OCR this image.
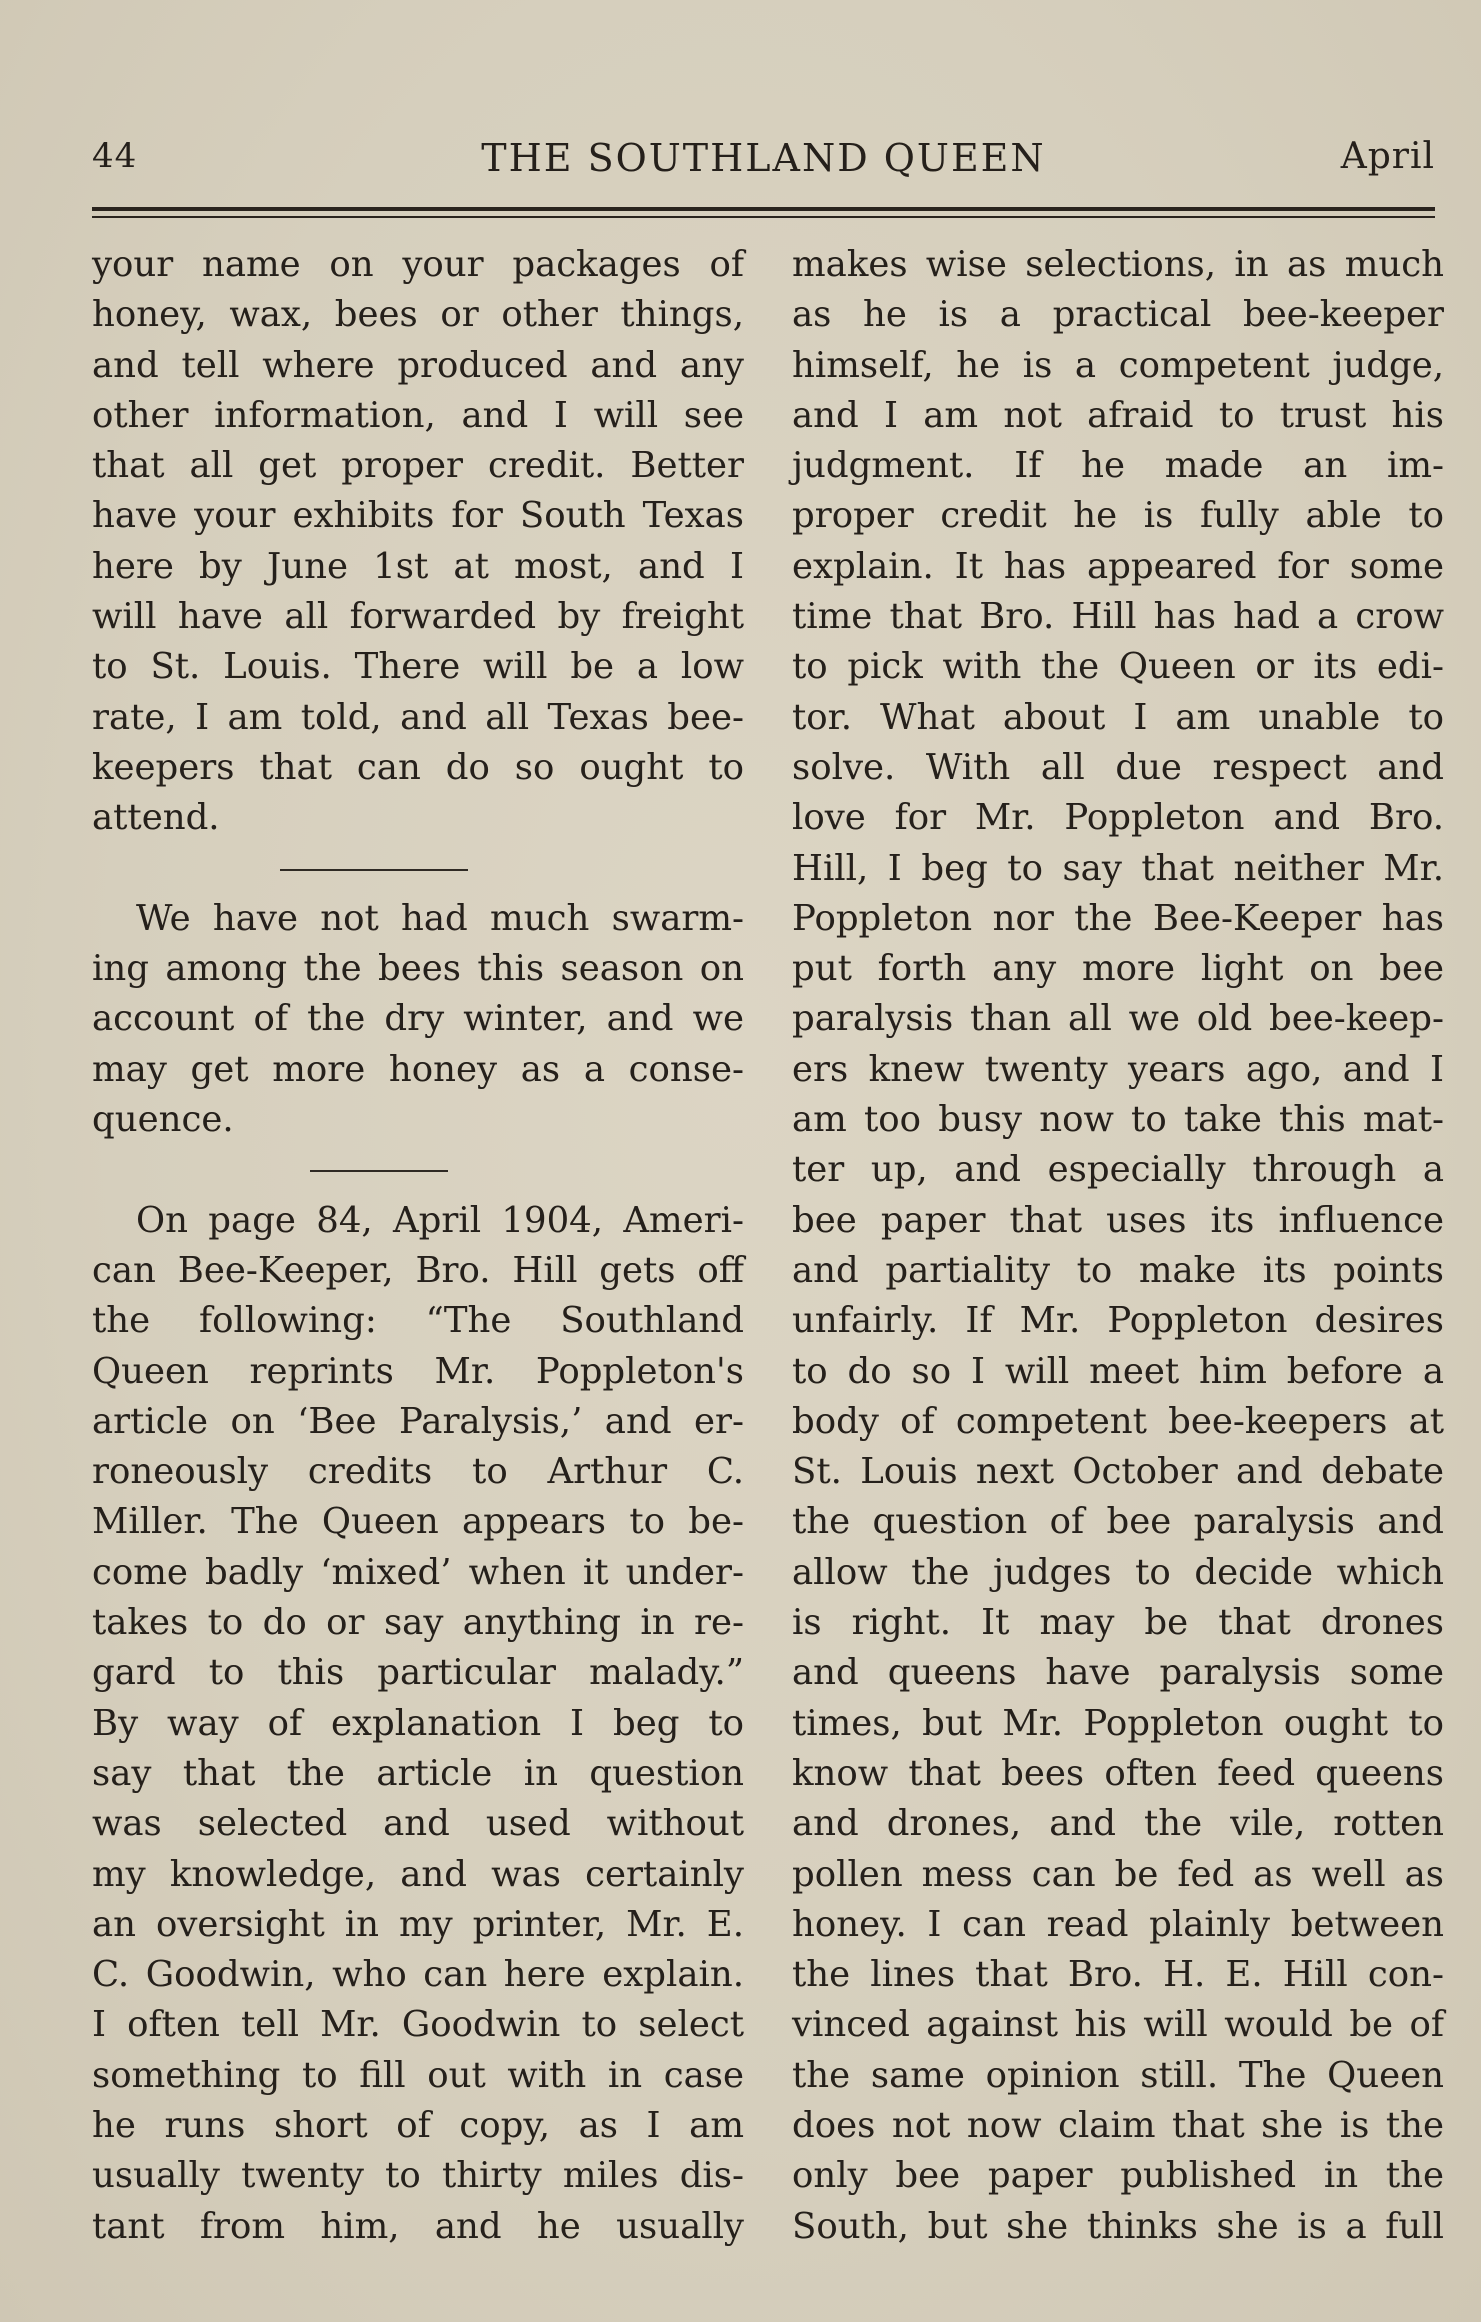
44	THE SOUTHLAND QUEEN	April
your name on your packages of
honey, wax, bees or other things,
and tell where produced and any
other information, and I will see
that all get proper credit. Better
have your exhibits for South Texas
here by June 1st at most, and I
will have all forwarded by freight
to St. Louis. There will be a low
rate, I am told, and all Texas bee-
keepers that can do so ought to
attend.
We have not had much swarm-
ing among the bees this season on
account of the dry winter, and we
may get more honey as a conse-
quence.
On page 84, April 1904, Ameri-
can Bee-Keeper, Bro. Hill gets off
the following: “The Southland
Queen reprints Mr. Poppleton's
article on ‘Bee Paralysis,’ and er-
roneously credits to Arthur C.
Miller. The Queen appears to be-
come badly ‘mixed’ when it under-
takes to do or say anything in re-
gard to this particular malady.”
By way of explanation I beg to
say that the article in question
was selected and used without
my knowledge, and was certainly
an oversight in my printer, Mr. E.
C. Goodwin, who can here explain.
I often tell Mr. Goodwin to select
something to fill out with in case
he runs short of copy, as I am
usually twenty to thirty miles dis-
tant from him, and he usually
makes wise selections, in as much
as he is a practical bee-keeper
himself, he is a competent judge,
and I am not afraid to trust his
judgment. If he made an im-
proper credit he is fully able to
explain. It has appeared for some
time that Bro. Hill has had a crow
to pick with the Queen or its edi-
tor. What about I am unable to
solve. With all due respect and
love for Mr. Poppleton and Bro.
Hill, I beg to say that neither Mr.
Poppleton nor the Bee-Keeper has
put forth any more light on bee
paralysis than all we old bee-keep-
ers knew twenty years ago, and I
am too busy now to take this mat-
ter up, and especially through a
bee paper that uses its influence
and partiality to make its points
unfairly. If Mr. Poppleton desires
to do so I will meet him before a
body of competent bee-keepers at
St. Louis next October and debate
the question of bee paralysis and
allow the judges to decide which
is right. It may be that drones
and queens have paralysis some
times, but Mr. Poppleton ought to
know that bees often feed queens
and drones, and the vile, rotten
pollen mess can be fed as well as
honey. I can read plainly between
the lines that Bro. H. E. Hill con-
vinced against his will would be of
the same opinion still. The Queen
does not now claim that she is the
only bee paper published in the
South, but she thinks she is a full
